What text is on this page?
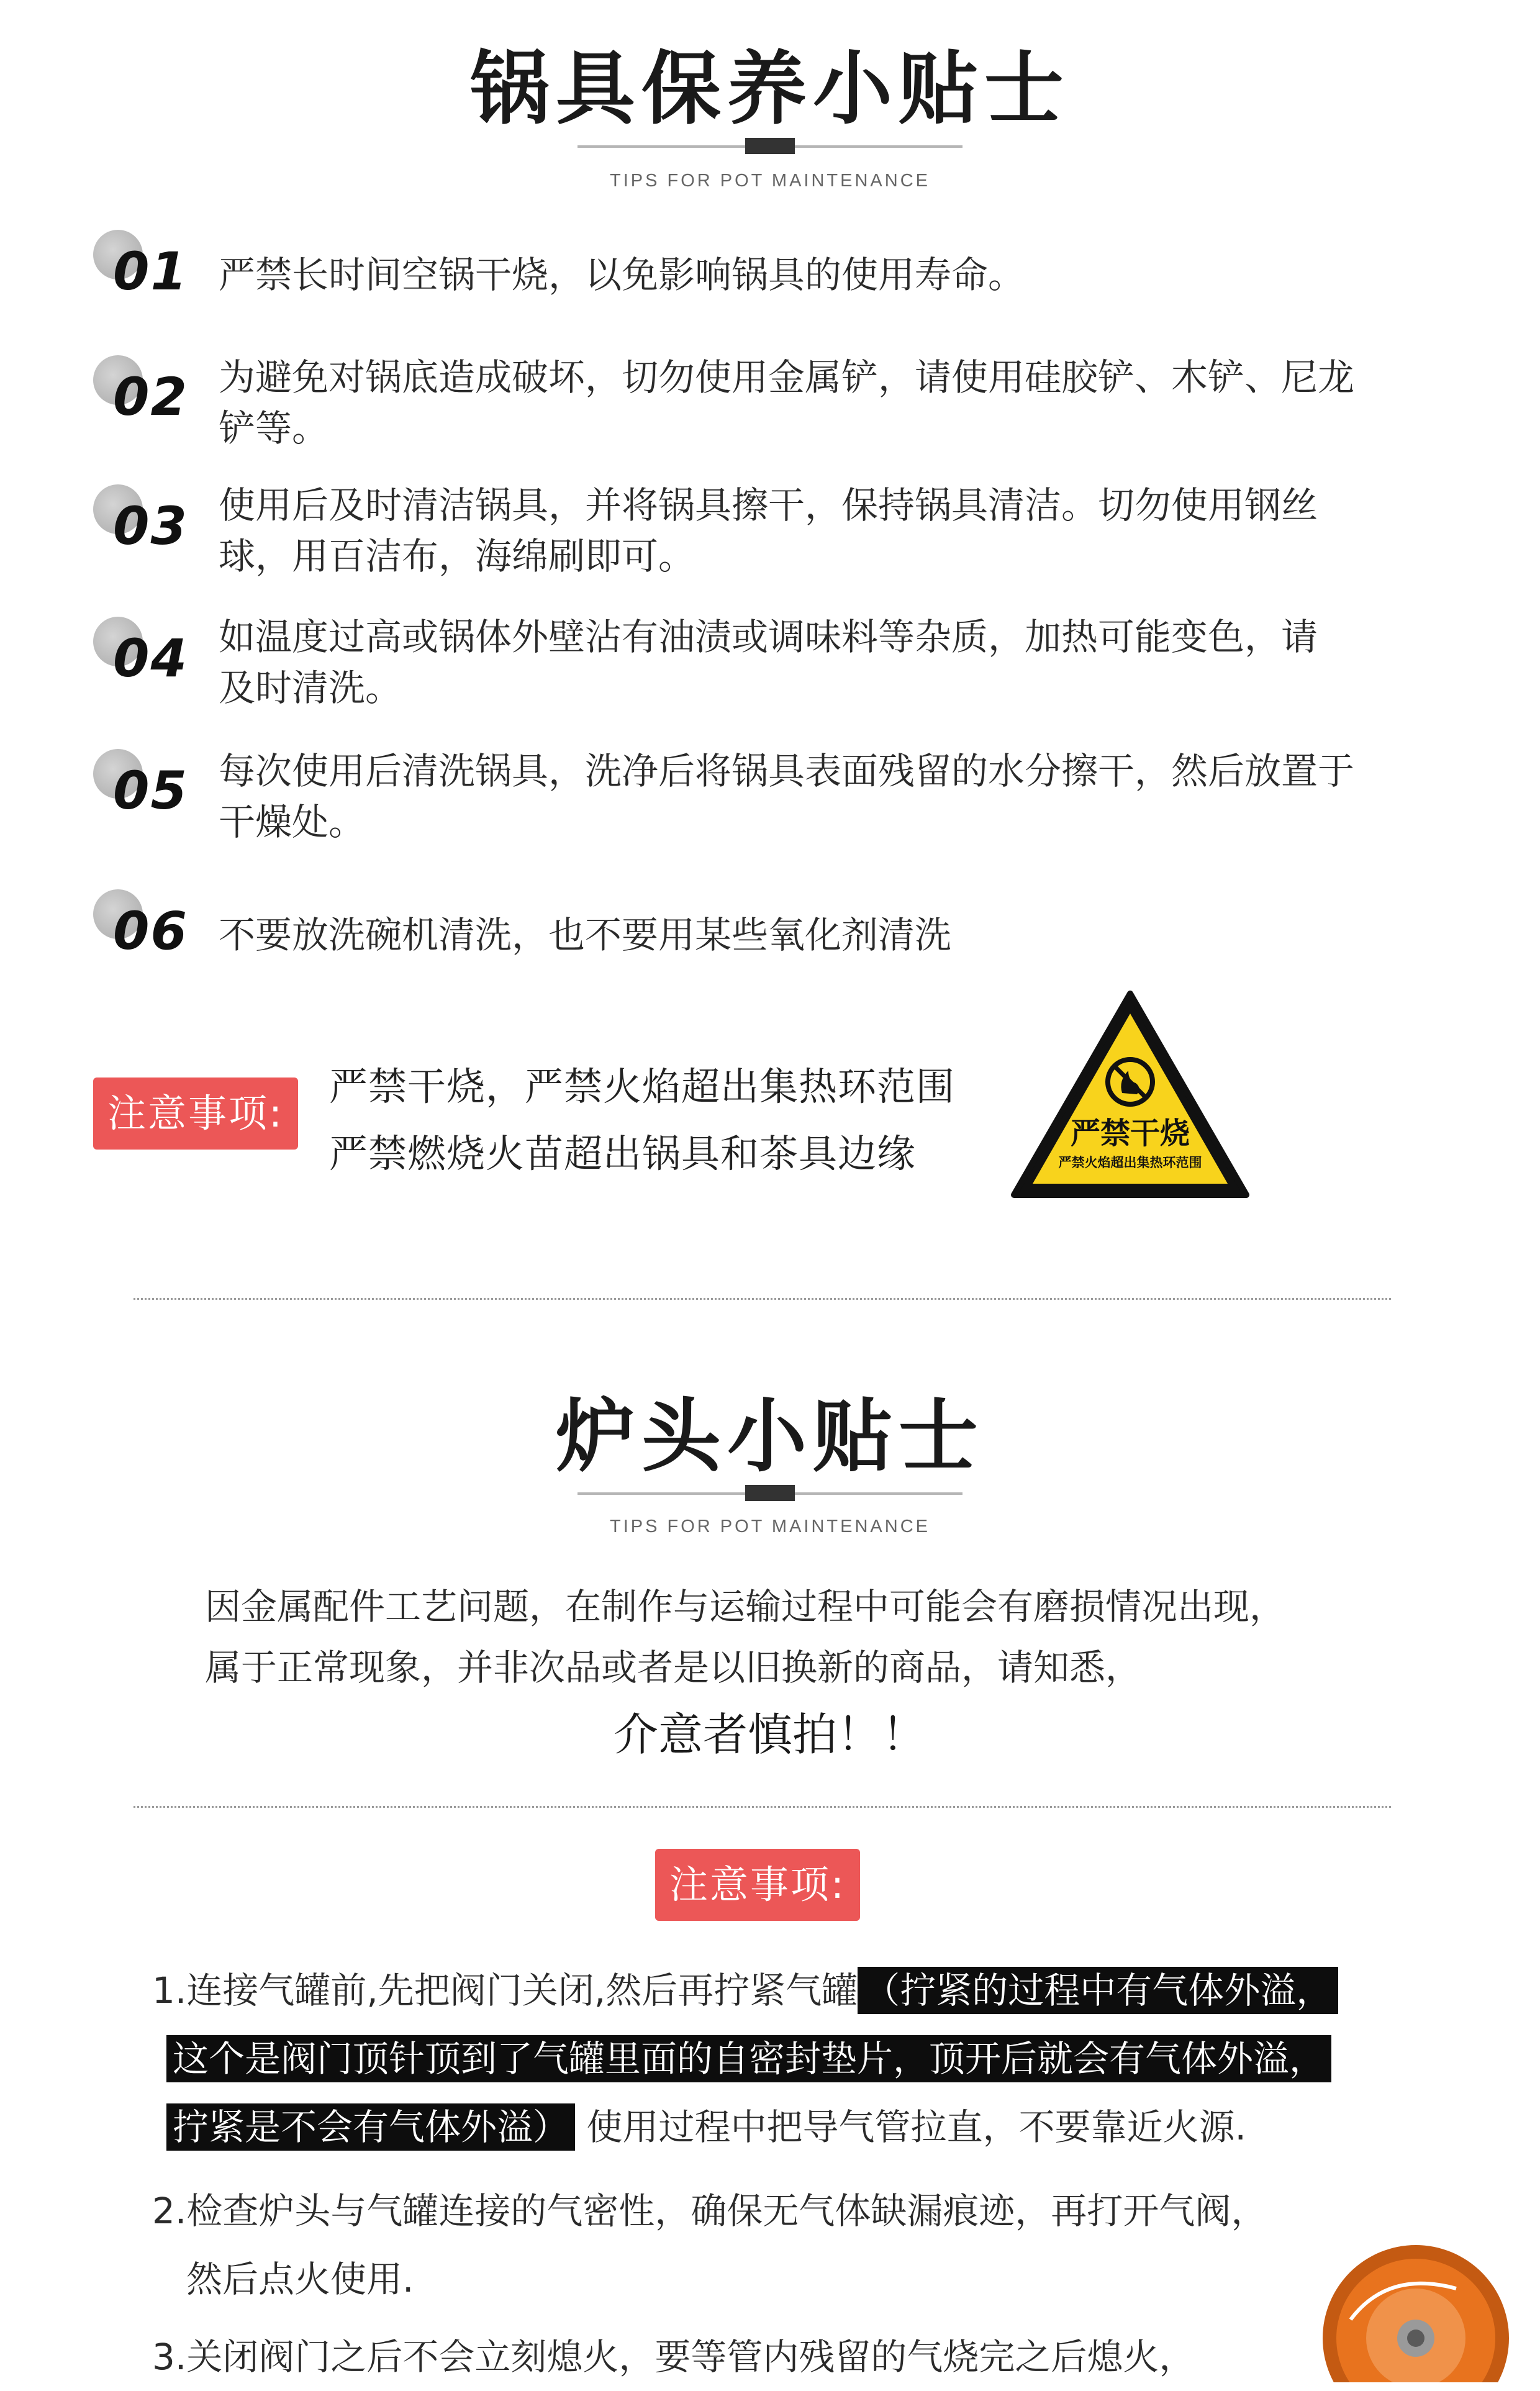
锅具保养小贴士
TIPS FOR POT MAINTENANCE
01 严禁长时间空锅干烧，以免影响锅具的使用寿命。
02 为避免对锅底造成破坏，切勿使用金属铲，请使用硅胶铲、木铲、尼龙铲等。
03 使用后及时清洁锅具，并将锅具擦干，保持锅具清洁。切勿使用钢丝球，用百洁布，海绵刷即可。
04 如温度过高或锅体外壁沾有油渍或调味料等杂质，加热可能变色，请及时清洗。
05 每次使用后清洗锅具，洗净后将锅具表面残留的水分擦干，然后放置于干燥处。
06 不要放洗碗机清洗，也不要用某些氧化剂清洗
注意事项:
严禁干烧，严禁火焰超出集热环范围
严禁燃烧火苗超出锅具和茶具边缘	严禁干烧
严禁火焰超出集热环范围
炉头小贴士
TIPS FOR POT MAINTENANCE
因金属配件工艺问题，在制作与运输过程中可能会有磨损情况出现，
属于正常现象，并非次品或者是以旧换新的商品，请知悉，
介意者慎拍！！
注意事项:
1.连接气罐前,先把阀门关闭,然后再拧紧气罐 （拧紧的过程中有气体外溢，
这个是阀门顶针顶到了气罐里面的自密封垫片，顶开后就会有气体外溢，
拧紧是不会有气体外溢） 使用过程中把导气管拉直，不要靠近火源.
2.检查炉头与气罐连接的气密性，确保无气体缺漏痕迹，再打开气阀，
然后点火使用.
3.关闭阀门之后不会立刻熄火，要等管内残留的气烧完之后熄火，
